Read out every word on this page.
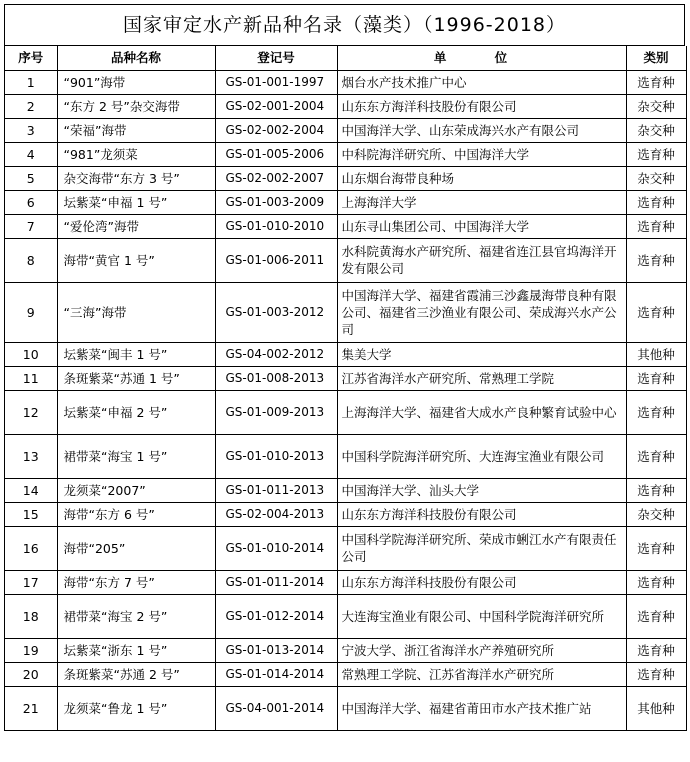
国家审定水产新品种名录（藻类）（1996-2018）
序号	品种名称	登记号	单 位	类别
1	“901”海带	GS-01-001-1997	烟台水产技术推广中心	选育种
2	“东方 2 号”杂交海带	GS-02-001-2004	山东东方海洋科技股份有限公司	杂交种
3	“荣福”海带	GS-02-002-2004	中国海洋大学、山东荣成海兴水产有限公司	杂交种
4	“981”龙须菜	GS-01-005-2006	中科院海洋研究所、中国海洋大学	选育种
5	杂交海带“东方 3 号”	GS-02-002-2007	山东烟台海带良种场	杂交种
6	坛紫菜“申福 1 号”	GS-01-003-2009	上海海洋大学	选育种
7	“爱伦湾”海带	GS-01-010-2010	山东寻山集团公司、中国海洋大学	选育种
8	海带“黄官 1 号”	GS-01-006-2011	水科院黄海水产研究所、福建省连江县官坞海洋开发有限公司	选育种
9	“三海”海带	GS-01-003-2012	中国海洋大学、福建省霞浦三沙鑫晟海带良种有限公司、福建省三沙渔业有限公司、荣成海兴水产公司	选育种
10	坛紫菜“闽丰 1 号”	GS-04-002-2012	集美大学	其他种
11	条斑紫菜“苏通 1 号”	GS-01-008-2013	江苏省海洋水产研究所、常熟理工学院	选育种
12	坛紫菜“申福 2 号”	GS-01-009-2013	上海海洋大学、福建省大成水产良种繁育试验中心	选育种
13	裙带菜“海宝 1 号”	GS-01-010-2013	中国科学院海洋研究所、大连海宝渔业有限公司	选育种
14	龙须菜“2007”	GS-01-011-2013	中国海洋大学、汕头大学	选育种
15	海带“东方 6 号”	GS-02-004-2013	山东东方海洋科技股份有限公司	杂交种
16	海带“205”	GS-01-010-2014	中国科学院海洋研究所、荣成市蜊江水产有限责任公司	选育种
17	海带“东方 7 号”	GS-01-011-2014	山东东方海洋科技股份有限公司	选育种
18	裙带菜“海宝 2 号”	GS-01-012-2014	大连海宝渔业有限公司、中国科学院海洋研究所	选育种
19	坛紫菜“浙东 1 号”	GS-01-013-2014	宁波大学、浙江省海洋水产养殖研究所	选育种
20	条斑紫菜“苏通 2 号”	GS-01-014-2014	常熟理工学院、江苏省海洋水产研究所	选育种
21	龙须菜“鲁龙 1 号”	GS-04-001-2014	中国海洋大学、福建省莆田市水产技术推广站	其他种
